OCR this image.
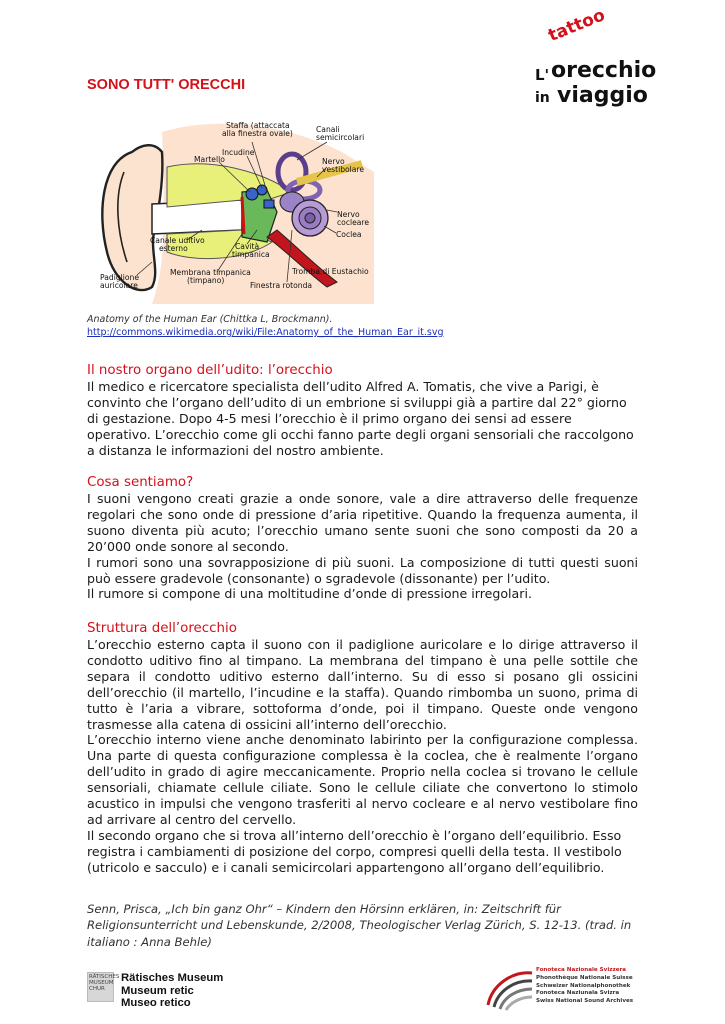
SONO TUTT' ORECCHI
tattoo
L' orecchio
in viaggio
Staffa (attaccata
alla finestra ovale)
Incudine
Martello
Canali
semicircolari
Nervo
vestibolare
Nervo
cocleare
Coclea
Canale uditivo
esterno	Cavità
timpanica
Padiglione
auricolare
Membrana timpanica
(timpano)
Tromba di Eustachio
Finestra rotonda
Anatomy of the Human Ear (Chittka L, Brockmann).
http://commons.wikimedia.org/wiki/File:Anatomy_of_the_Human_Ear_it.svg
Il nostro organo dell’udito: l’orecchio

Il medico e ricercatore specialista dell’udito Alfred A. Tomatis, che vive a Parigi, è convinto che l’organo dell’udito di un embrione si sviluppi già a partire dal 22° giorno di gestazione. Dopo 4-5 mesi l’orecchio è il primo organo dei sensi ad essere operativo. L’orecchio come gli occhi fanno parte degli organi sensoriali che raccolgono a distanza le informazioni del nostro ambiente.

Cosa sentiamo?

I suoni vengono creati grazie a onde sonore, vale a dire attraverso delle frequenze regolari che sono onde di pressione d’aria ripetitive. Quando la frequenza aumenta, il suono diventa più acuto; l’orecchio umano sente suoni che sono composti da 20 a 20’000 onde sonore al secondo.

I rumori sono una sovrapposizione di più suoni. La composizione di tutti questi suoni può essere gradevole (consonante) o sgradevole (dissonante) per l’udito.

Il rumore si compone di una moltitudine d’onde di pressione irregolari.

Struttura dell’orecchio

L’orecchio esterno capta il suono con il padiglione auricolare e lo dirige attraverso il condotto uditivo fino al timpano. La membrana del timpano è una pelle sottile che separa il condotto uditivo esterno dall’interno. Su di esso si posano gli ossicini dell’orecchio (il martello, l’incudine e la staffa). Quando rimbomba un suono, prima di tutto è l’aria a vibrare, sottoforma d’onde, poi il timpano. Queste onde vengono trasmesse alla catena di ossicini all’interno dell’orecchio.

L’orecchio interno viene anche denominato labirinto per la configurazione complessa. Una parte di questa configurazione complessa è la coclea, che è realmente l’organo dell’udito in grado di agire meccanicamente. Proprio nella coclea si trovano le cellule sensoriali, chiamate cellule ciliate. Sono le cellule ciliate che convertono lo stimolo acustico in impulsi che vengono trasferiti al nervo cocleare e al nervo vestibolare fino ad arrivare al centro del cervello.

Il secondo organo che si trova all’interno dell’orecchio è l’organo dell’equilibrio. Esso registra i cambiamenti di posizione del corpo, compresi quelli della testa. Il vestibolo (utricolo e sacculo) e i canali semicircolari appartengono all’organo dell’equilibrio.

Senn, Prisca, „Ich bin ganz Ohr“ – Kindern den Hörsinn erklären, in: Zeitschrift für Religionsunterricht und Lebenskunde, 2/2008, Theologischer Verlag Zürich, S. 12-13. (trad. in italiano : Anna Behle)
RÄTISCHES MUSEUM CHUR
Rätisches Museum
Museum retic
Museo retico
Fonoteca Nazionale Svizzera
Phonothèque Nationale Suisse
Schweizer Nationalphonothek
Fonoteca Naziunala Svizra
Swiss National Sound Archives
